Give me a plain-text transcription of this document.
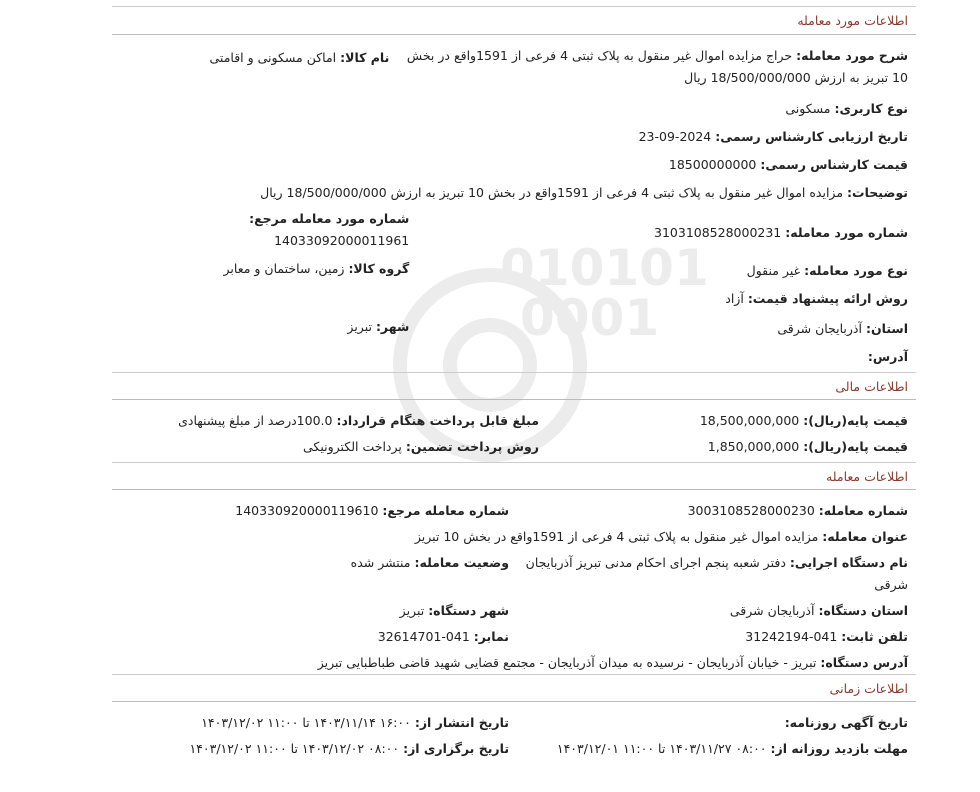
010101
0001
اطلاعات مورد معامله
شرح مورد معامله: حراج مزایده اموال غیر منقول به پلاک ثبتی 4 فرعی از 1591واقع در بخش 10 تبریز به ارزش 18/500/000/000 ریال
نام کالا: اماکن مسکونی و اقامتی
نوع کاربری: مسکونی
تاریخ ارزیابی کارشناس رسمی: 2024-09-23
قیمت کارشناس رسمی: 18500000000
توضیحات: مزایده اموال غیر منقول به پلاک ثبتی 4 فرعی از 1591واقع در بخش 10 تبریز به ارزش 18/500/000/000 ریال
شماره مورد معامله: 3103108528000231
شماره مورد معامله مرجع:
14033092000011961
نوع مورد معامله: غیر منقول
گروه کالا: زمین، ساختمان و معابر
روش ارائه پیشنهاد قیمت: آزاد
استان: آذربایجان شرقی
شهر: تبریز
آدرس:
اطلاعات مالی
قیمت پایه(ریال): 18,500,000,000
مبلغ قابل پرداخت هنگام قرارداد: 100.0درصد از مبلغ پیشنهادی
قیمت پایه(ریال): 1,850,000,000
روش پرداخت تضمین: پرداخت الکترونیکی
اطلاعات معامله
شماره معامله: 3003108528000230
شماره معامله مرجع: 140330920000119610
عنوان معامله: مزایده اموال غیر منقول به پلاک ثبتی 4 فرعی از 1591واقع در بخش 10 تبریز
نام دستگاه اجرایی: دفتر شعبه پنجم اجرای احکام مدنی تبریز آذربایجان شرقی
وضعیت معامله: منتشر شده
استان دستگاه: آذربایجان شرقی
شهر دستگاه: تبریز
تلفن ثابت: 041-31242194
نمابر: 041-32614701
آدرس دستگاه: تبریز - خیابان آذربایجان - نرسیده به میدان آذربایجان - مجتمع قضایی شهید قاضی طباطبایی تبریز
اطلاعات زمانی
تاریخ آگهی روزنامه:
تاریخ انتشار از: ۱۶:۰۰ ۱۴۰۳/۱۱/۱۴ تا ۱۱:۰۰ ۱۴۰۳/۱۲/۰۲
مهلت بازدید روزانه از: ۰۸:۰۰ ۱۴۰۳/۱۱/۲۷ تا ۱۱:۰۰ ۱۴۰۳/۱۲/۰۱
تاریخ برگزاری از: ۰۸:۰۰ ۱۴۰۳/۱۲/۰۲ تا ۱۱:۰۰ ۱۴۰۳/۱۲/۰۲
